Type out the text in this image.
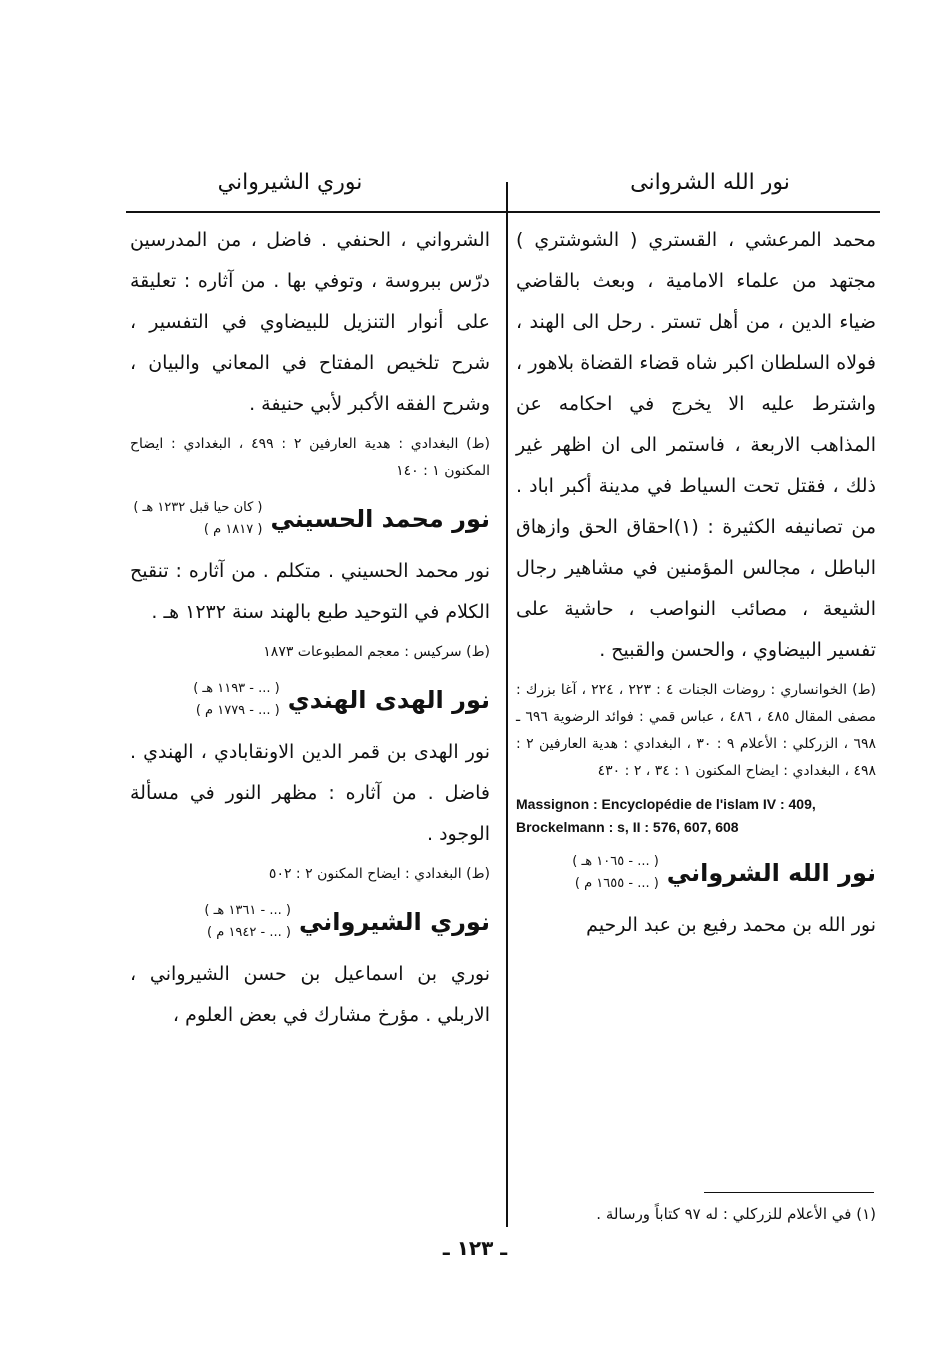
نور الله الشروانى
نوري الشيرواني

محمد المرعشي ، القستري ( الشوشتري ) مجتهد من علماء الامامية ، وبعث بالقاضي ضياء الدين ، من أهل تستر . رحل الى الهند ، فولاه السلطان اكبر شاه قضاء القضاة بلاهور ، واشترط عليه الا يخرج في احكامه عن المذاهب الاربعة ، فاستمر الى ان اظهر غير ذلك ، فقتل تحت السياط في مدينة أكبر اباد . من تصانيفه الكثيرة : (١)احقاق الحق وازهاق الباطل ، مجالس المؤمنين في مشاهير رجال الشيعة ، مصائب النواصب ، حاشية على تفسير البيضاوي ، والحسن والقبيح .

(ط) الخوانساري : روضات الجنات ٤ : ٢٢٣ ، ٢٢٤ ، آغا بزرك : مصفى المقال ٤٨٥ ، ٤٨٦ ، عباس قمي : فوائد الرضوية ٦٩٦ ـ ٦٩٨ ، الزركلي : الأعلام ٩ : ٣٠ ، البغدادي : هدية العارفين ٢ : ٤٩٨ ، البغدادي : ايضاح المكنون ١ : ٣٤ ، ٢ : ٤٣٠

Massignon : Encyclopédie de l'islam IV : 409, Brockelmann : s, II : 576, 607, 608

نور الله الشرواني
( ... - ١٠٦٥ هـ )
( ... - ١٦٥٥ م )

نور الله بن محمد رفيع بن عبد الرحيم

الشرواني ، الحنفي . فاضل ، من المدرسين درّس ببروسة ، وتوفي بها . من آثاره : تعليقة على أنوار التنزيل للبيضاوي في التفسير ، شرح تلخيص المفتاح في المعاني والبيان ، وشرح الفقه الأكبر لأبي حنيفة .

(ط) البغدادي : هدية العارفين ٢ : ٤٩٩ ، البغدادي : ايضاح المكنون ١ : ١٤٠

نور محمد الحسيني
( كان حيا قبل ١٢٣٢ هـ )
( ١٨١٧ م )

نور محمد الحسيني . متكلم . من آثاره : تنقيح الكلام في التوحيد طبع بالهند سنة ١٢٣٢ هـ .

(ط) سركيس : معجم المطبوعات ١٨٧٣

نور الهدى الهندي
( ... - ١١٩٣ هـ )
( ... - ١٧٧٩ م )

نور الهدى بن قمر الدين الاونقابادي ، الهندي . فاضل . من آثاره : مظهر النور في مسألة الوجود .

(ط) البغدادي : ايضاح المكنون ٢ : ٥٠٢

نوري الشيرواني
( ... - ١٣٦١ هـ )
( ... - ١٩٤٢ م )

نوري بن اسماعيل بن حسن الشيرواني ، الاربلي . مؤرخ مشارك في بعض العلوم ،

(١) في الأعلام للزركلي : له ٩٧ كتاباً ورسالة .
ـ ١٢٣ ـ
